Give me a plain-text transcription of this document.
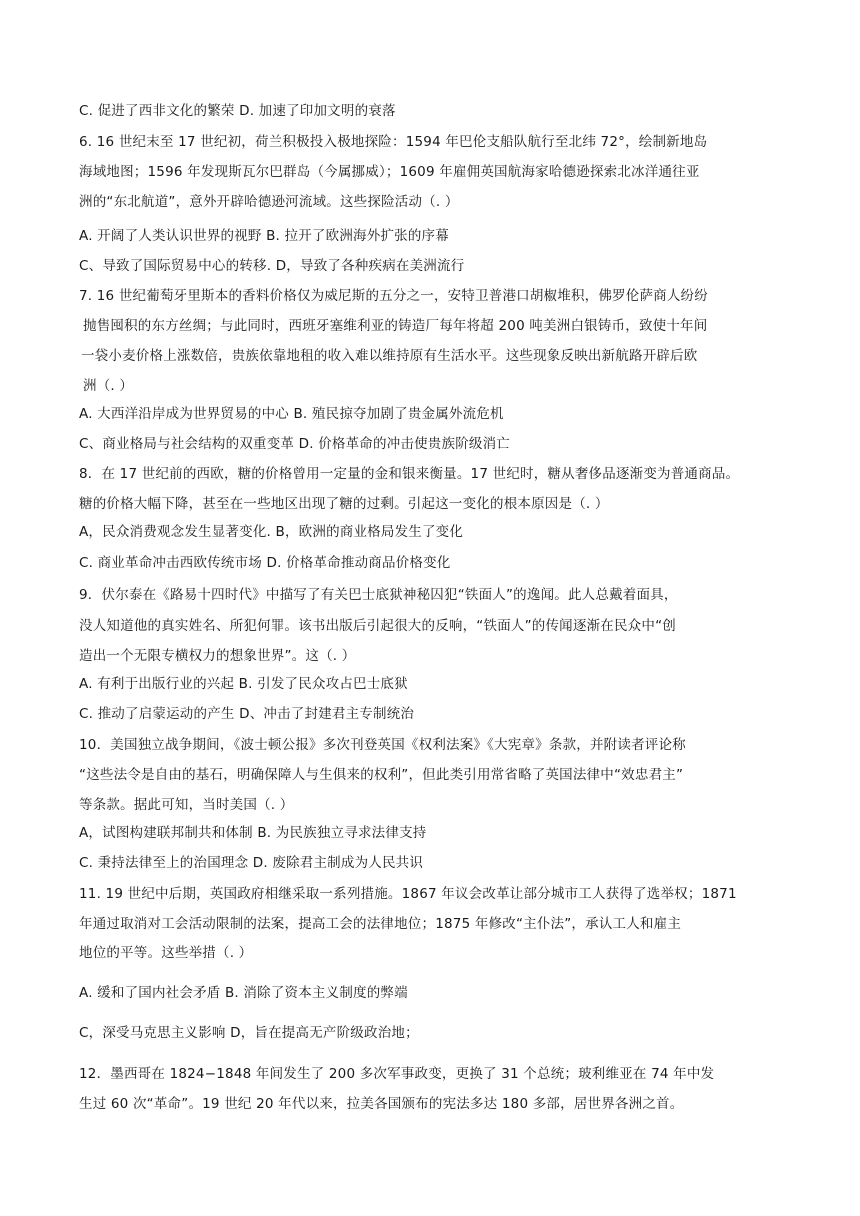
C. 促进了西非文化的繁荣 D. 加速了印加文明的衰落
6. 16 世纪末至 17 世纪初，荷兰积极投入极地探险：1594 年巴伦支船队航行至北纬 72°，绘制新地岛
海域地图；1596 年发现斯瓦尔巴群岛（今属挪威）；1609 年雇佣英国航海家哈德逊探索北冰洋通往亚
洲的“东北航道”，意外开辟哈德逊河流域。这些探险活动（. ）
A. 开阔了人类认识世界的视野 B. 拉开了欧洲海外扩张的序幕
C、导致了国际贸易中心的转移. D，导致了各种疾病在美洲流行
7. 16 世纪葡萄牙里斯本的香料价格仅为威尼斯的五分之一，安特卫普港口胡椒堆积，佛罗伦萨商人纷纷
抛售囤积的东方丝绸；与此同时，西班牙塞维利亚的铸造厂每年将超 200 吨美洲白银铸币，致使十年间
一袋小麦价格上涨数倍，贵族依靠地租的收入难以维持原有生活水平。这些现象反映出新航路开辟后欧
洲（. ）
A. 大西洋沿岸成为世界贸易的中心 B. 殖民掠夺加剧了贵金属外流危机
C、商业格局与社会结构的双重变革 D. 价格革命的冲击使贵族阶级消亡
8．在 17 世纪前的西欧，糖的价格曾用一定量的金和银来衡量。17 世纪时，糖从奢侈品逐渐变为普通商品。
糖的价格大幅下降，甚至在一些地区出现了糖的过剩。引起这一变化的根本原因是（. ）
A，民众消费观念发生显著变化. B，欧洲的商业格局发生了变化
C. 商业革命冲击西欧传统市场 D. 价格革命推动商品价格变化
9．伏尔泰在《路易十四时代》中描写了有关巴士底狱神秘囚犯“铁面人”的逸闻。此人总戴着面具，
没人知道他的真实姓名、所犯何罪。该书出版后引起很大的反响，“铁面人”的传闻逐渐在民众中“创
造出一个无限专横权力的想象世界”。这（. ）
A. 有利于出版行业的兴起 B. 引发了民众攻占巴士底狱
C. 推动了启蒙运动的产生 D、冲击了封建君主专制统治
10．美国独立战争期间，《波士顿公报》多次刊登英国《权利法案》《大宪章》条款，并附读者评论称
“这些法令是自由的基石，明确保障人与生俱来的权利”，但此类引用常省略了英国法律中“效忠君主”
等条款。据此可知，当时美国（. ）
A，试图构建联邦制共和体制 B. 为民族独立寻求法律支持
C. 秉持法律至上的治国理念 D. 废除君主制成为人民共识
11. 19 世纪中后期，英国政府相继采取一系列措施。1867 年议会改革让部分城市工人获得了选举权；1871
年通过取消对工会活动限制的法案，提高工会的法律地位；1875 年修改“主仆法”，承认工人和雇主
地位的平等。这些举措（. ）
A. 缓和了国内社会矛盾 B. 消除了资本主义制度的弊端
C，深受马克思主义影响 D，旨在提高无产阶级政治地；
12．墨西哥在 1824−1848 年间发生了 200 多次军事政变，更换了 31 个总统；玻利维亚在 74 年中发
生过 60 次“革命”。19 世纪 20 年代以来，拉美各国颁布的宪法多达 180 多部，居世界各洲之首。
